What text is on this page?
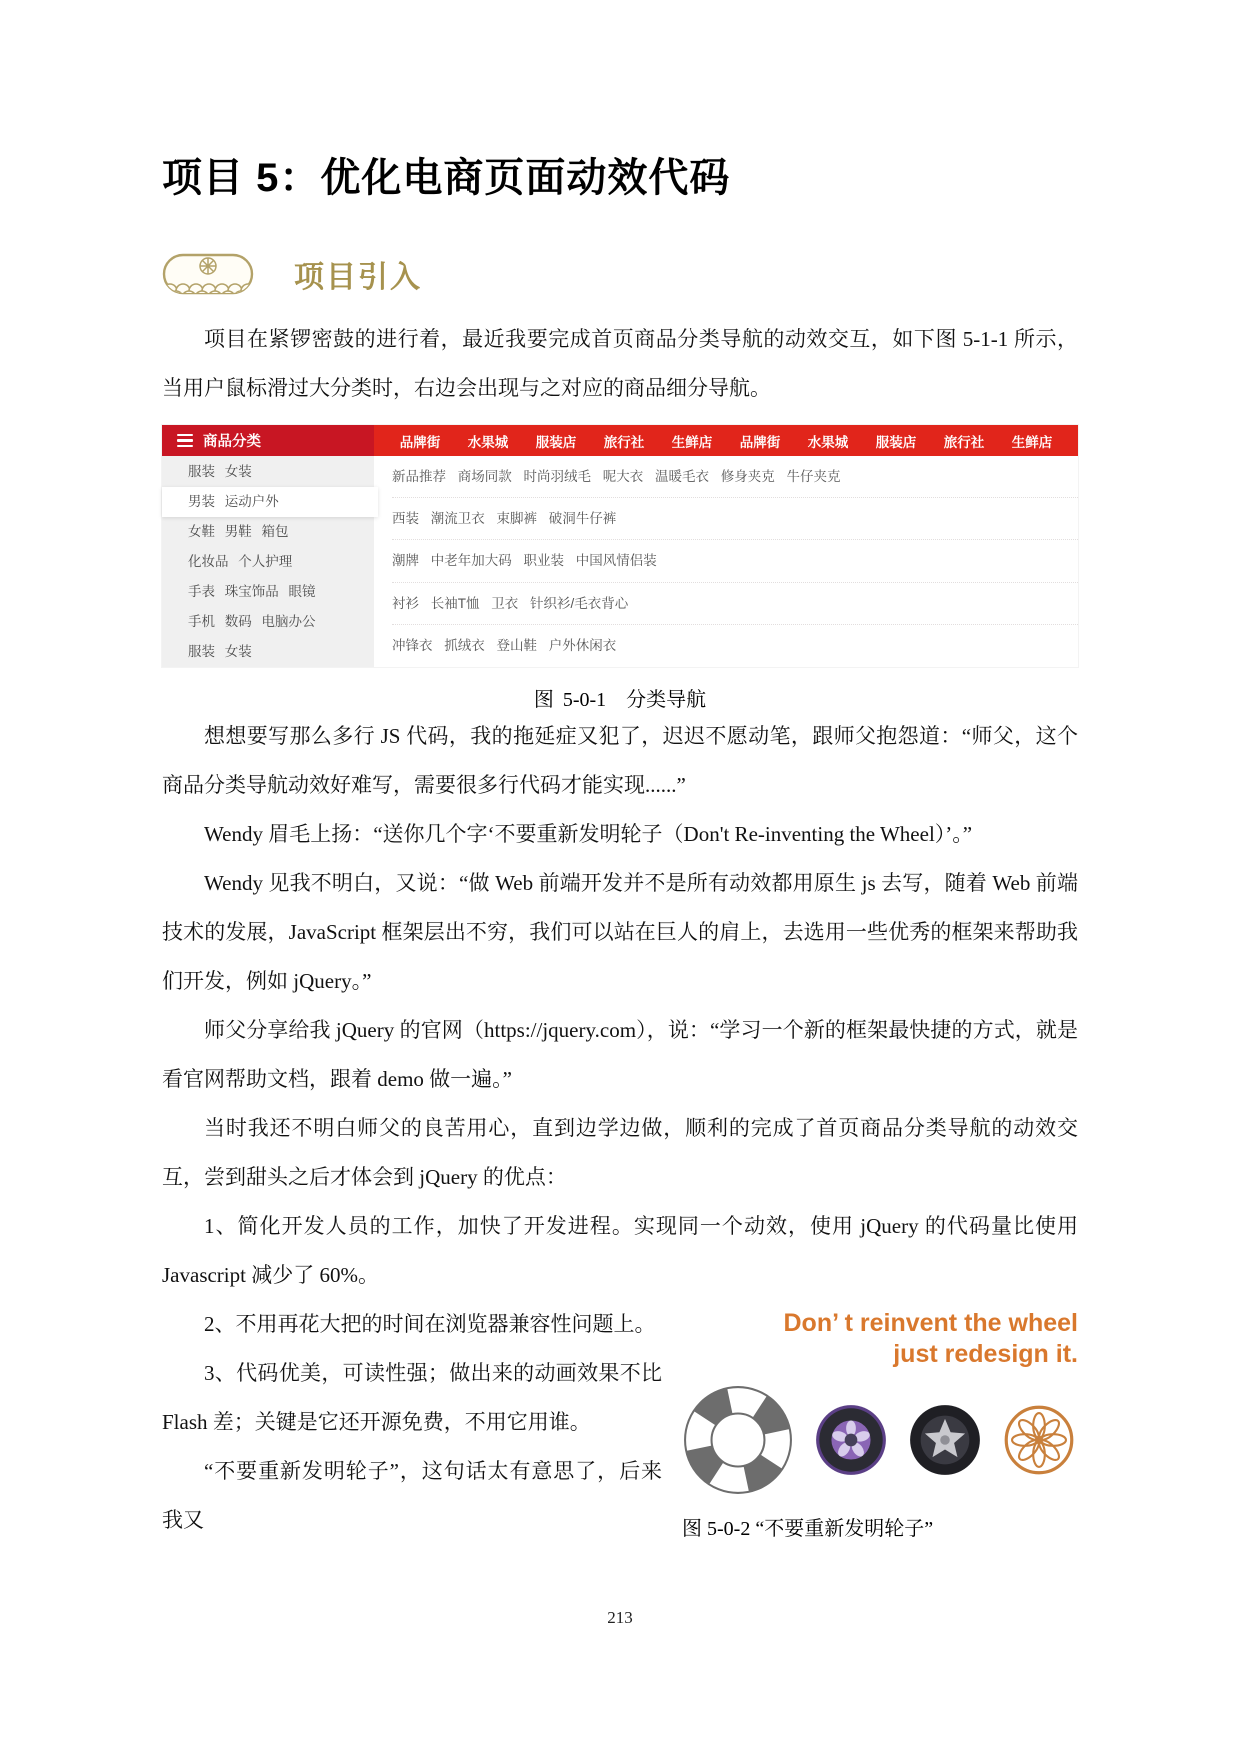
项目 5：优化电商页面动效代码
项目引入

项目在紧锣密鼓的进行着，最近我要完成首页商品分类导航的动效交互，如下图 5-1-1 所示，当用户鼠标滑过大分类时，右边会出现与之对应的商品细分导航。

商品分类	品牌街 水果城 服装店 旅行社 生鲜店 品牌街 水果城 服装店 旅行社 生鲜店
服装 女装
男装 运动户外
女鞋 男鞋 箱包
化妆品 个人护理
手表 珠宝饰品 眼镜
手机 数码 电脑办公
服装 女装
新品推荐 商场同款 时尚羽绒毛 呢大衣 温暖毛衣 修身夹克 牛仔夹克
西装 潮流卫衣 束脚裤 破洞牛仔裤
潮牌 中老年加大码 职业装 中国风情侣装
衬衫 长袖T恤 卫衣 针织衫/毛衣背心
冲锋衣 抓绒衣 登山鞋 户外休闲衣
图 5-0-1　分类导航

想想要写那么多行 JS 代码，我的拖延症又犯了，迟迟不愿动笔，跟师父抱怨道：“师父，这个商品分类导航动效好难写，需要很多行代码才能实现......”

Wendy 眉毛上扬：“送你几个字‘不要重新发明轮子（Don't Re-inventing the Wheel）’。”

Wendy 见我不明白，又说：“做 Web 前端开发并不是所有动效都用原生 js 去写，随着 Web 前端技术的发展，JavaScript 框架层出不穷，我们可以站在巨人的肩上，去选用一些优秀的框架来帮助我们开发，例如 jQuery。”

师父分享给我 jQuery 的官网（https://jquery.com），说：“学习一个新的框架最快捷的方式，就是看官网帮助文档，跟着 demo 做一遍。”

当时我还不明白师父的良苦用心，直到边学边做，顺利的完成了首页商品分类导航的动效交互，尝到甜头之后才体会到 jQuery 的优点：

1、简化开发人员的工作，加快了开发进程。实现同一个动效，使用 jQuery 的代码量比使用 Javascript 减少了 60%。

Don’ t reinvent the wheel
just redesign it.
图 5-0-2 “不要重新发明轮子”

2、不用再花大把的时间在浏览器兼容性问题上。

3、代码优美，可读性强；做出来的动画效果不比 Flash 差；关键是它还开源免费，不用它用谁。

“不要重新发明轮子”，这句话太有意思了，后来我又

213
